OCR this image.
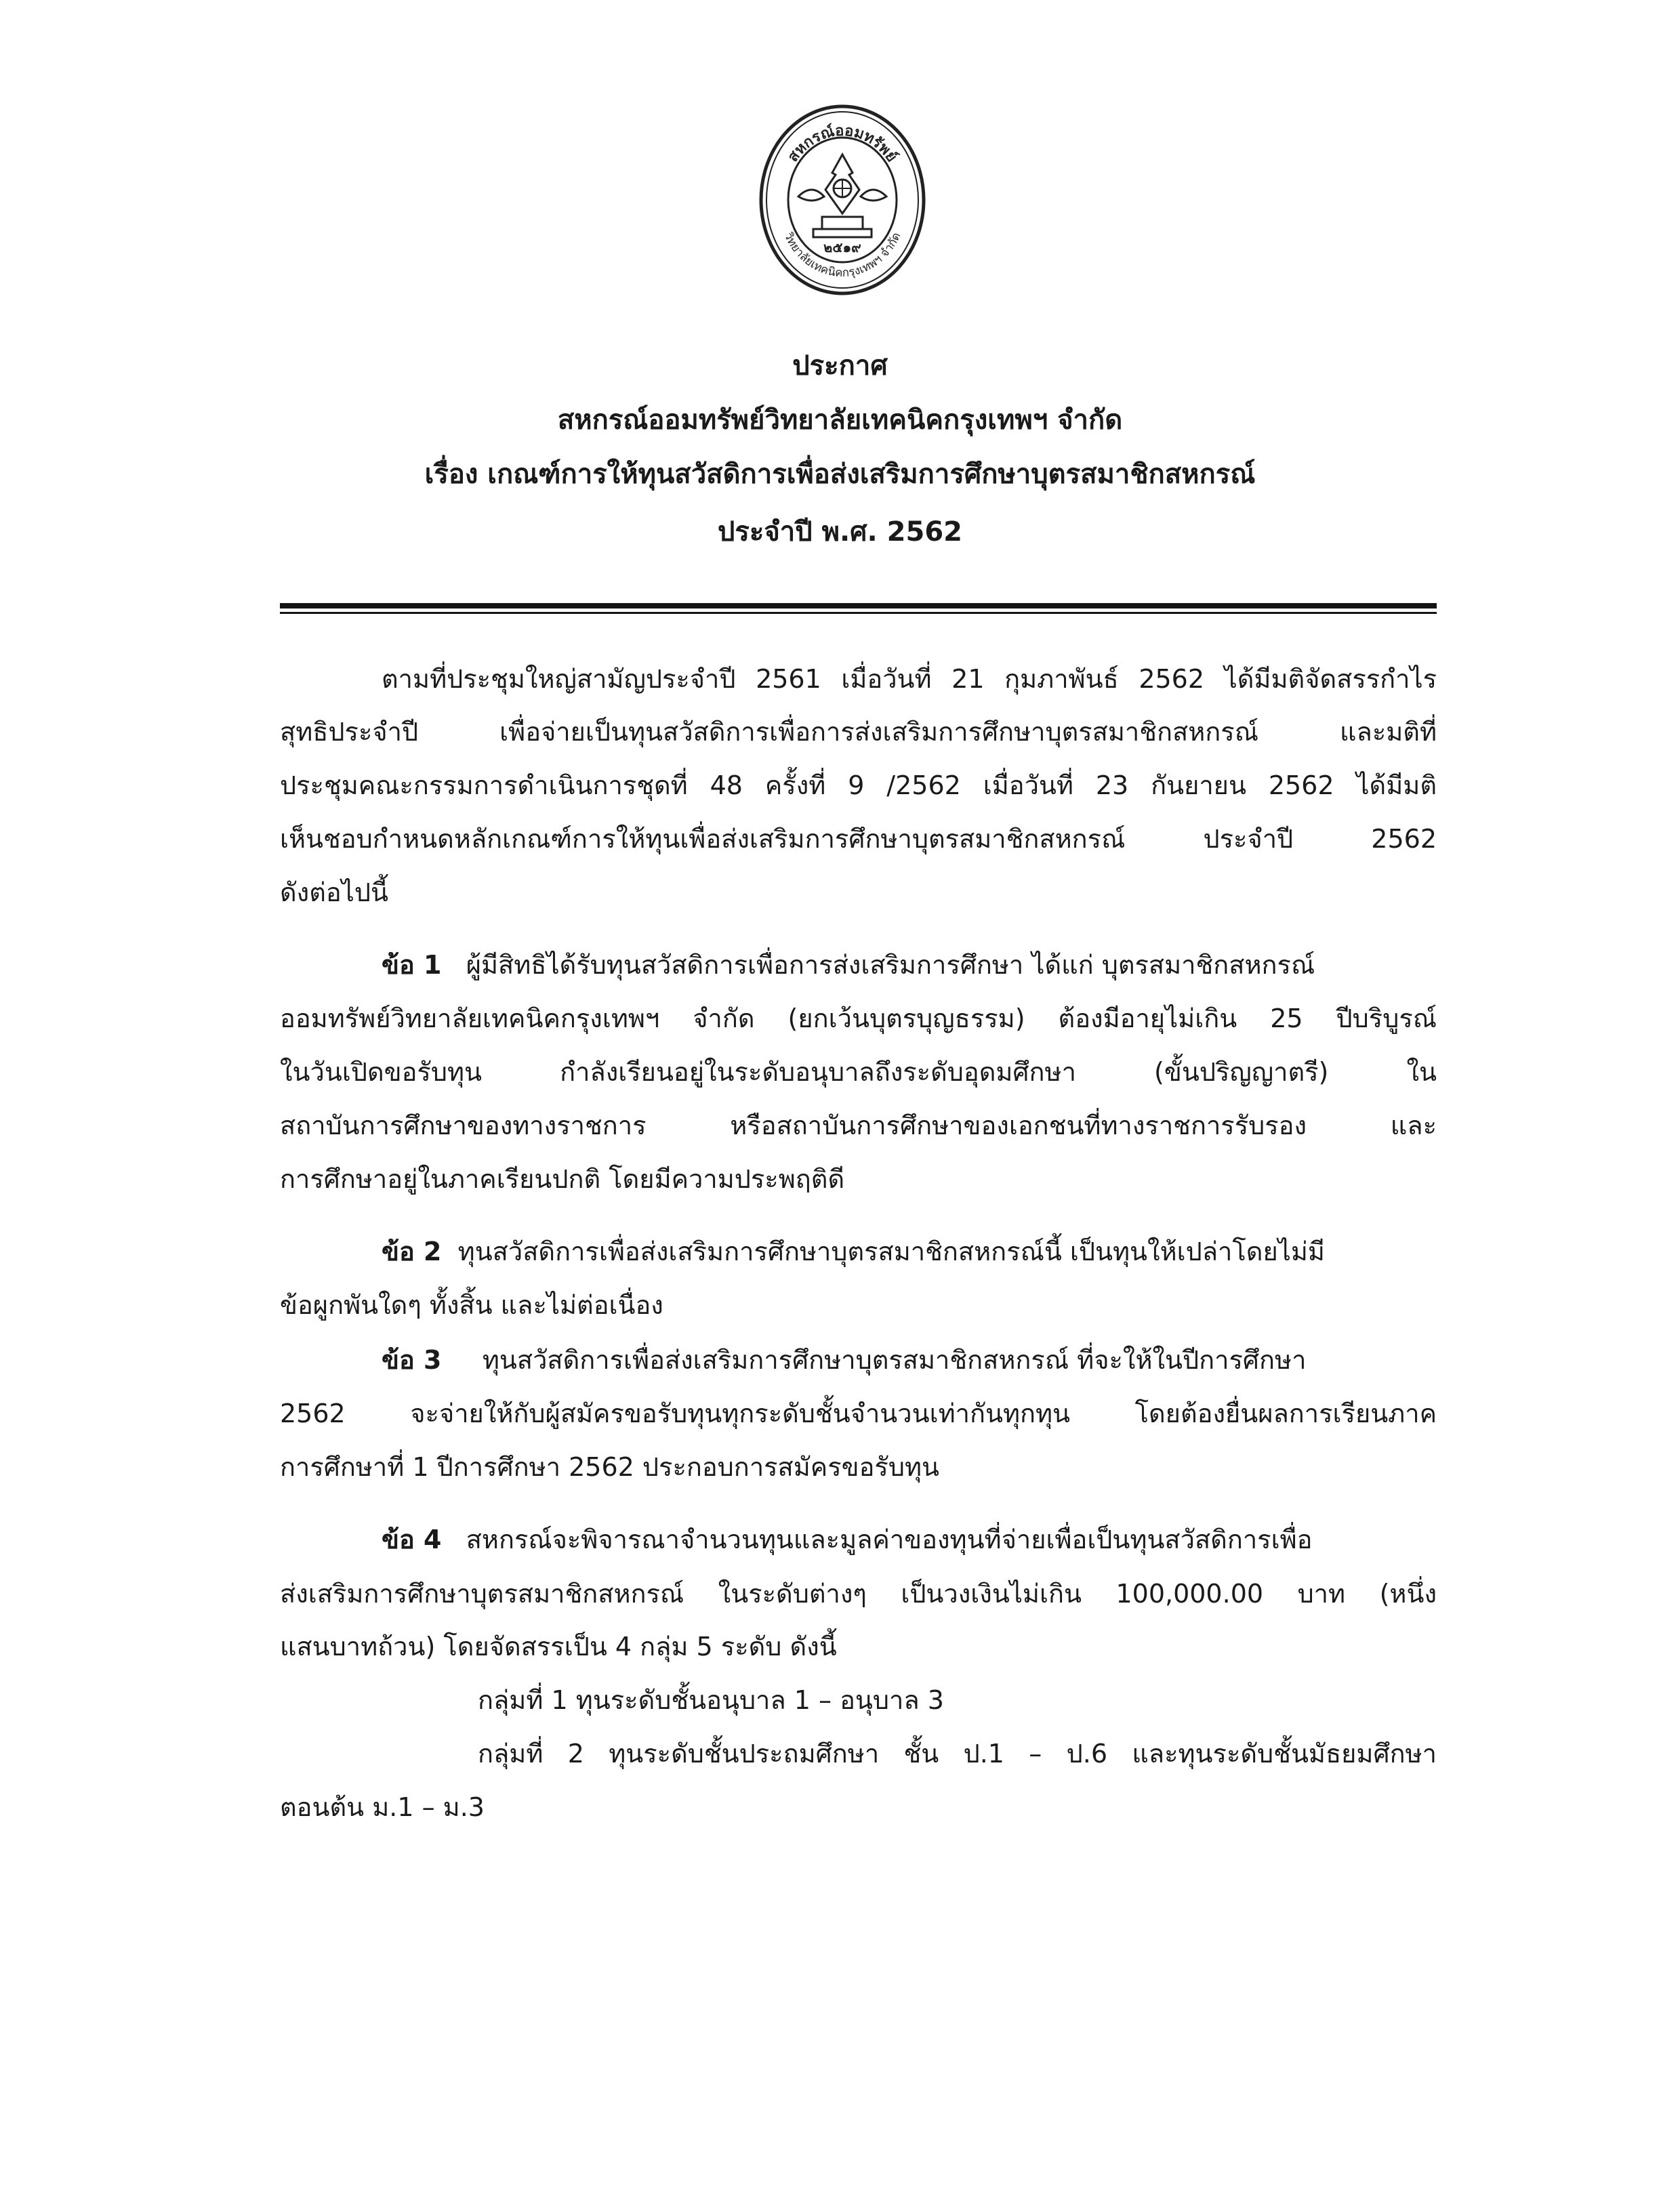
สหกรณ์ออมทรัพย์
วิทยาลัยเทคนิคกรุงเทพฯ จำกัด
๒๕๑๙
ประกาศ
สหกรณ์ออมทรัพย์วิทยาลัยเทคนิคกรุงเทพฯ จำกัด
เรื่อง เกณฑ์การให้ทุนสวัสดิการเพื่อส่งเสริมการศึกษาบุตรสมาชิกสหกรณ์
ประจำปี พ.ศ. 2562
ตามที่ประชุมใหญ่สามัญประจำปี 2561 เมื่อวันที่ 21 กุมภาพันธ์ 2562 ได้มีมติจัดสรรกำไร
สุทธิประจำปี เพื่อจ่ายเป็นทุนสวัสดิการเพื่อการส่งเสริมการศึกษาบุตรสมาชิกสหกรณ์ และมติที่
ประชุมคณะกรรมการดำเนินการชุดที่ 48 ครั้งที่ 9 /2562 เมื่อวันที่ 23 กันยายน 2562 ได้มีมติ
เห็นชอบกำหนดหลักเกณฑ์การให้ทุนเพื่อส่งเสริมการศึกษาบุตรสมาชิกสหกรณ์ ประจำปี 2562
ดังต่อไปนี้
ข้อ 1 ผู้มีสิทธิได้รับทุนสวัสดิการเพื่อการส่งเสริมการศึกษา ได้แก่ บุตรสมาชิกสหกรณ์
ออมทรัพย์วิทยาลัยเทคนิคกรุงเทพฯ จำกัด (ยกเว้นบุตรบุญธรรม) ต้องมีอายุไม่เกิน 25 ปีบริบูรณ์
ในวันเปิดขอรับทุน กำลังเรียนอยู่ในระดับอนุบาลถึงระดับอุดมศึกษา (ขั้นปริญญาตรี) ใน
สถาบันการศึกษาของทางราชการ หรือสถาบันการศึกษาของเอกชนที่ทางราชการรับรอง และ
การศึกษาอยู่ในภาคเรียนปกติ โดยมีความประพฤติดี
ข้อ 2 ทุนสวัสดิการเพื่อส่งเสริมการศึกษาบุตรสมาชิกสหกรณ์นี้ เป็นทุนให้เปล่าโดยไม่มี
ข้อผูกพันใดๆ ทั้งสิ้น และไม่ต่อเนื่อง
ข้อ 3 ทุนสวัสดิการเพื่อส่งเสริมการศึกษาบุตรสมาชิกสหกรณ์ ที่จะให้ในปีการศึกษา
2562 จะจ่ายให้กับผู้สมัครขอรับทุนทุกระดับชั้นจำนวนเท่ากันทุกทุน โดยต้องยื่นผลการเรียนภาค
การศึกษาที่ 1 ปีการศึกษา 2562 ประกอบการสมัครขอรับทุน
ข้อ 4 สหกรณ์จะพิจารณาจำนวนทุนและมูลค่าของทุนที่จ่ายเพื่อเป็นทุนสวัสดิการเพื่อ
ส่งเสริมการศึกษาบุตรสมาชิกสหกรณ์ ในระดับต่างๆ เป็นวงเงินไม่เกิน 100,000.00 บาท (หนึ่ง
แสนบาทถ้วน) โดยจัดสรรเป็น 4 กลุ่ม 5 ระดับ ดังนี้
กลุ่มที่ 1 ทุนระดับชั้นอนุบาล 1 – อนุบาล 3
กลุ่มที่ 2 ทุนระดับชั้นประถมศึกษา ชั้น ป.1 – ป.6 และทุนระดับชั้นมัธยมศึกษา
ตอนต้น ม.1 – ม.3
